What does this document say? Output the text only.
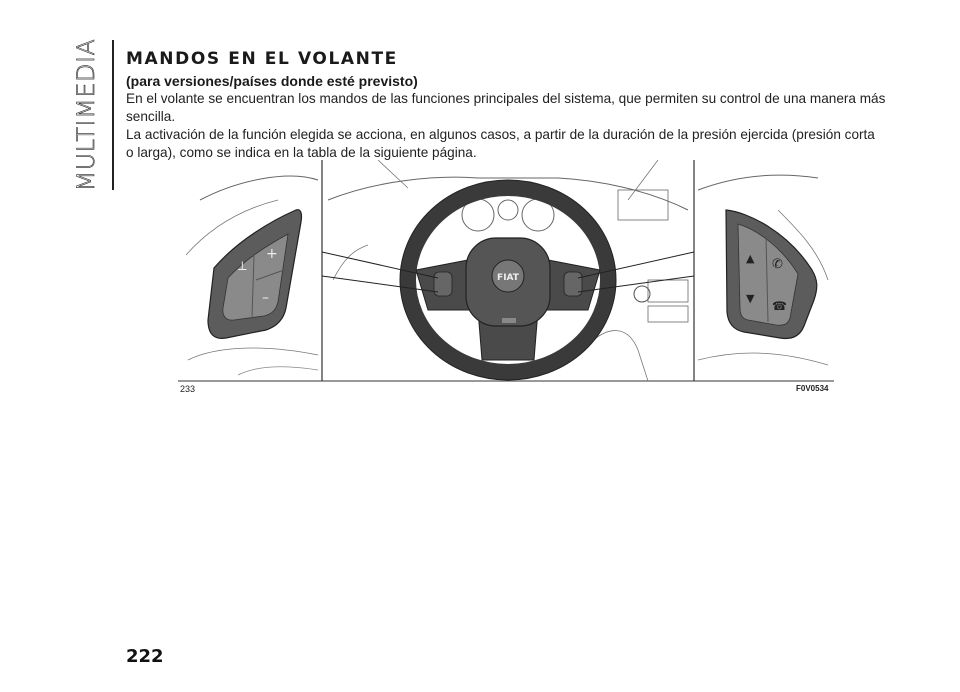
MULTIMEDIA MANDOS EN EL VOLANTE
(para versiones/países donde esté previsto)

En el volante se encuentran los mandos de las funciones principales del sistema, que permiten su control de una manera más sencilla.

La activación de la función elegida se acciona, en algunos casos, a partir de la duración de la presión ejercida (presión corta o larga), como se indica en la tabla de la siguiente página.

⟂
+
–
FIAT
▲
▼
✆
☎
233	F0V0534
222
